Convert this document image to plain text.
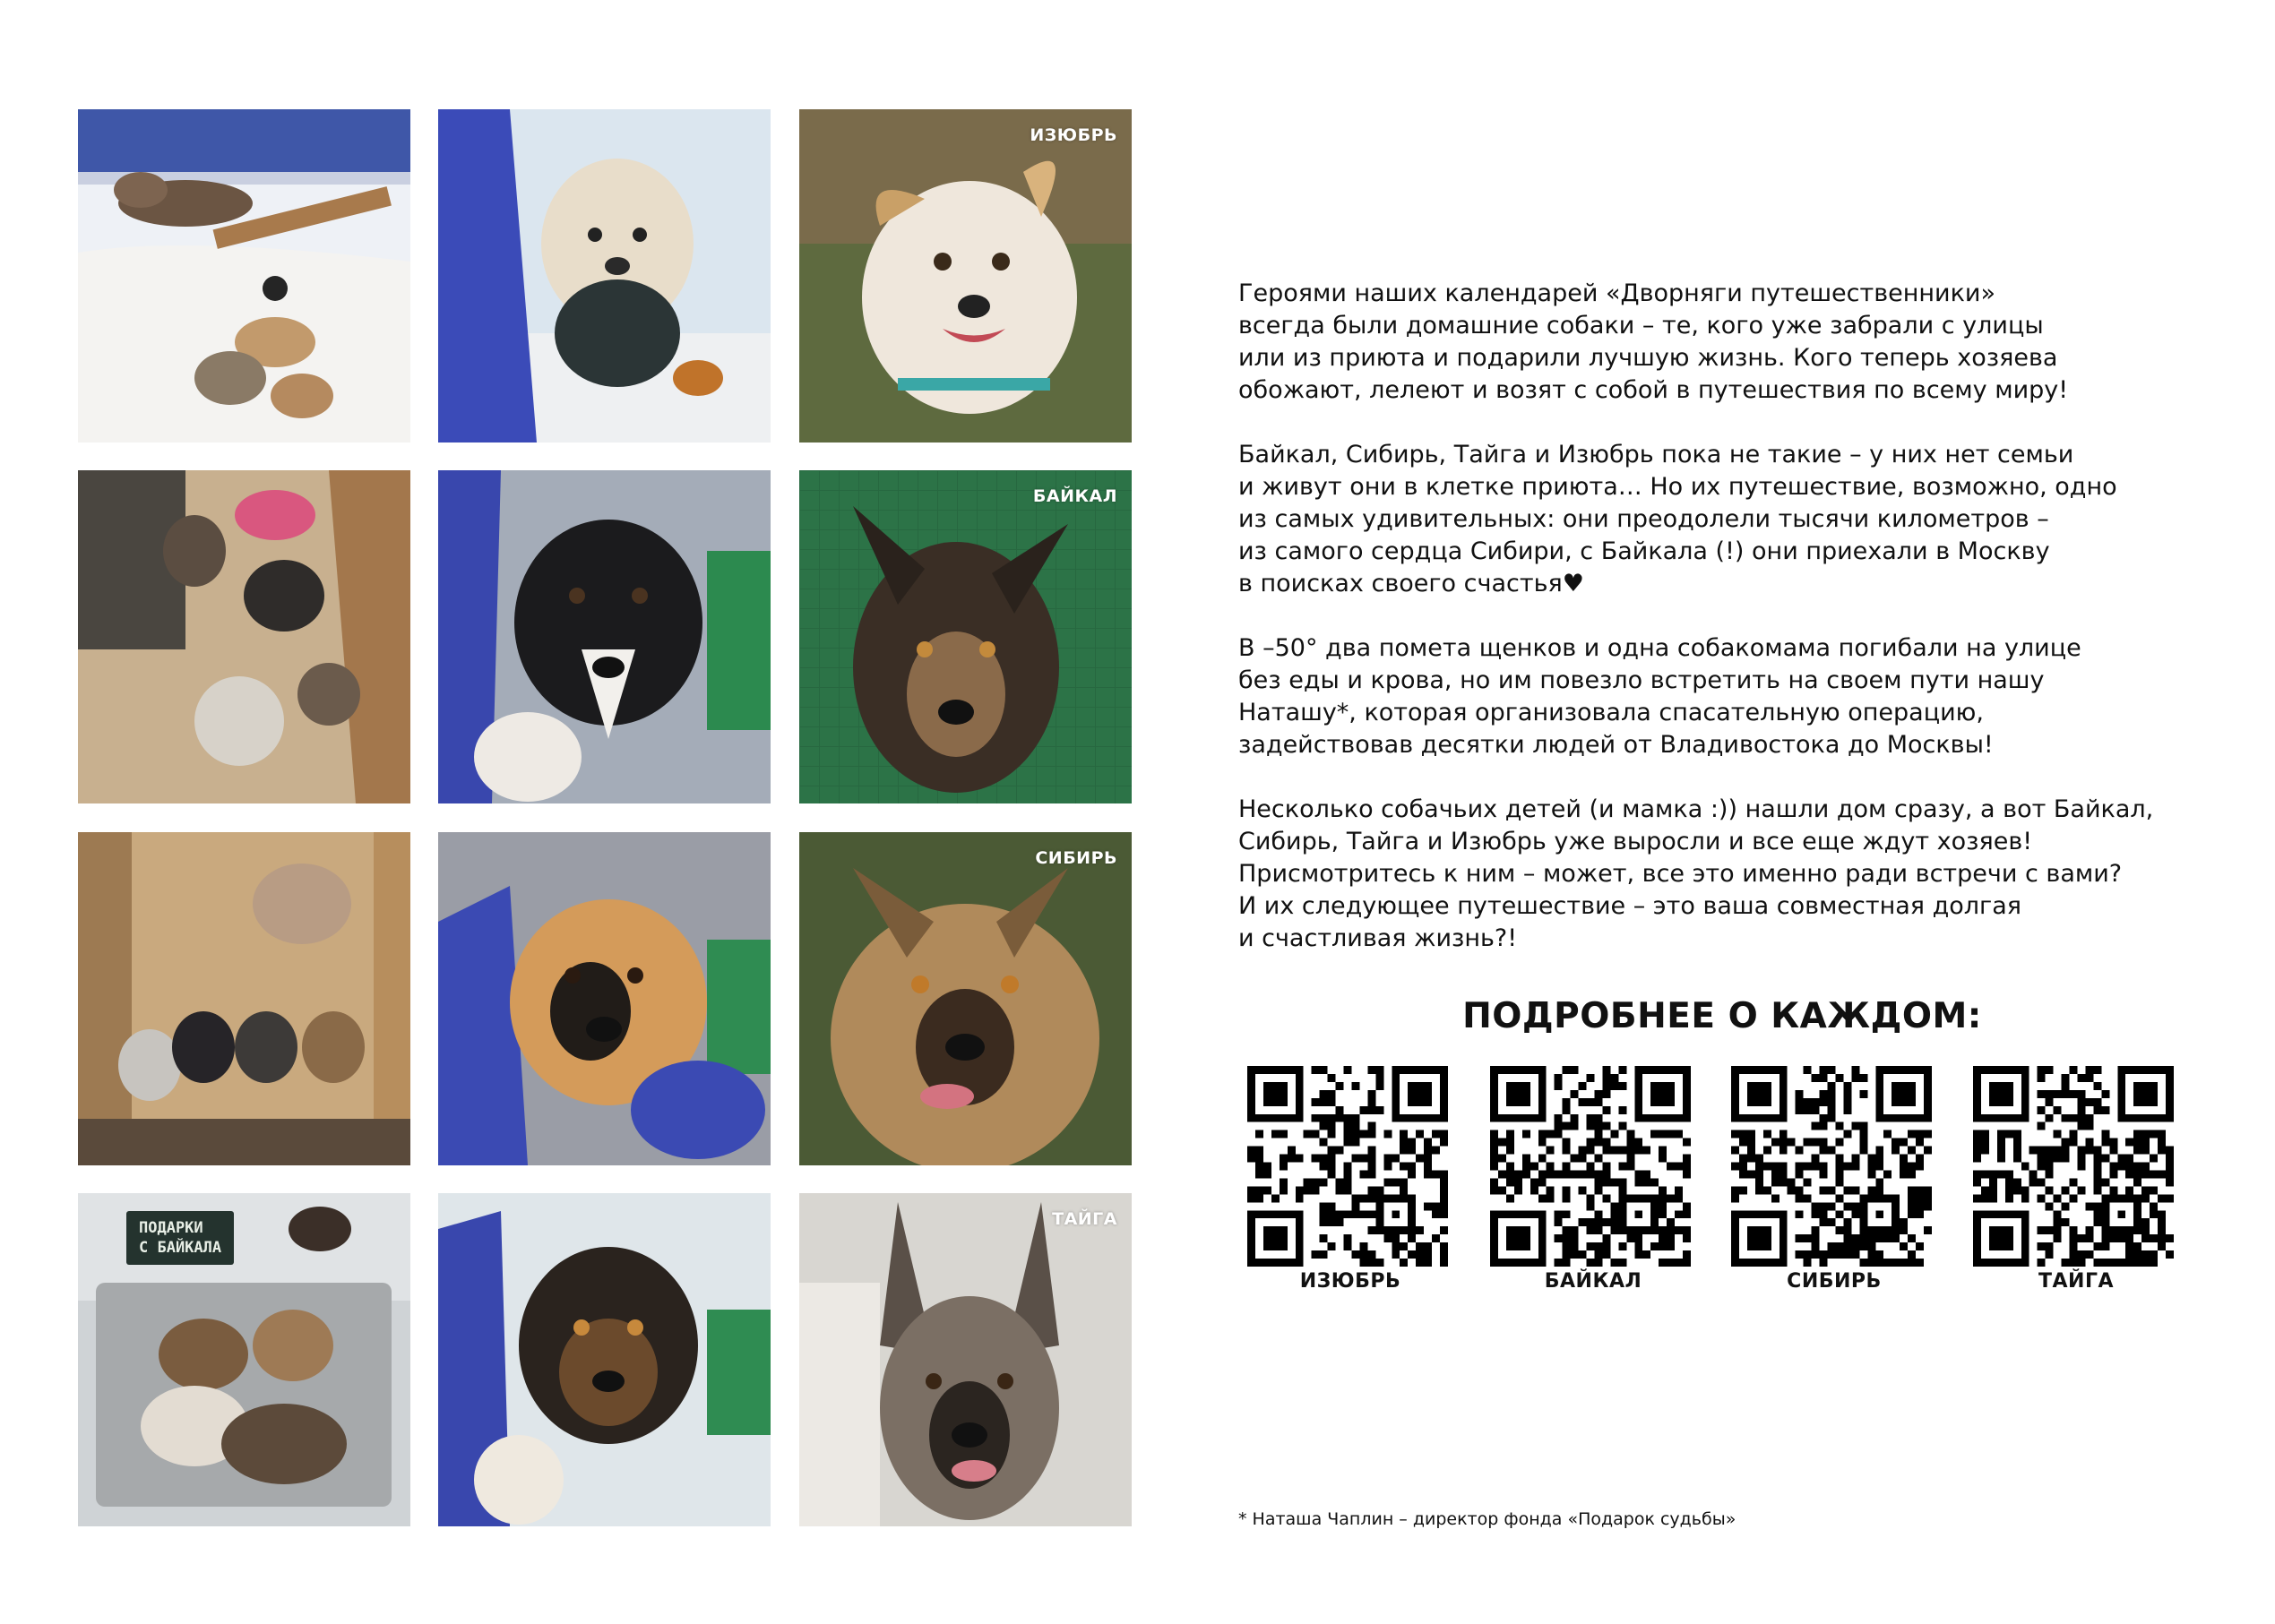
ИЗЮБРЬ
БАЙКАЛ
СИБИРЬ
ПОДАРКИ
С БАЙКАЛА
ТАЙГА

Героями наших календарей «Дворняги путешественники»
всегда были домашние собаки – те, кого уже забрали с улицы
или из приюта и подарили лучшую жизнь. Кого теперь хозяева
обожают, лелеют и возят с собой в путешествия по всему миру!

Байкал, Сибирь, Тайга и Изюбрь пока не такие – у них нет семьи
и живут они в клетке приюта… Но их путешествие, возможно, одно
из самых удивительных: они преодолели тысячи километров –
из самого сердца Сибири, с Байкала (!) они приехали в Москву
в поисках своего счастья♥

В –50° два помета щенков и одна собакомама погибали на улице
без еды и крова, но им повезло встретить на своем пути нашу
Наташу*, которая организовала спасательную операцию,
задействовав десятки людей от Владивостока до Москвы!

Несколько собачьих детей (и мамка :)) нашли дом сразу, а вот Байкал,
Сибирь, Тайга и Изюбрь уже выросли и все еще ждут хозяев!
Присмотритесь к ним – может, все это именно ради встречи с вами?
И их следующее путешествие – это ваша совместная долгая
и счастливая жизнь?!

ПОДРОБНЕЕ О КАЖДОМ:
ИЗЮБРЬ	БАЙКАЛ	СИБИРЬ	ТАЙГА
* Наташа Чаплин – директор фонда «Подарок судьбы»
